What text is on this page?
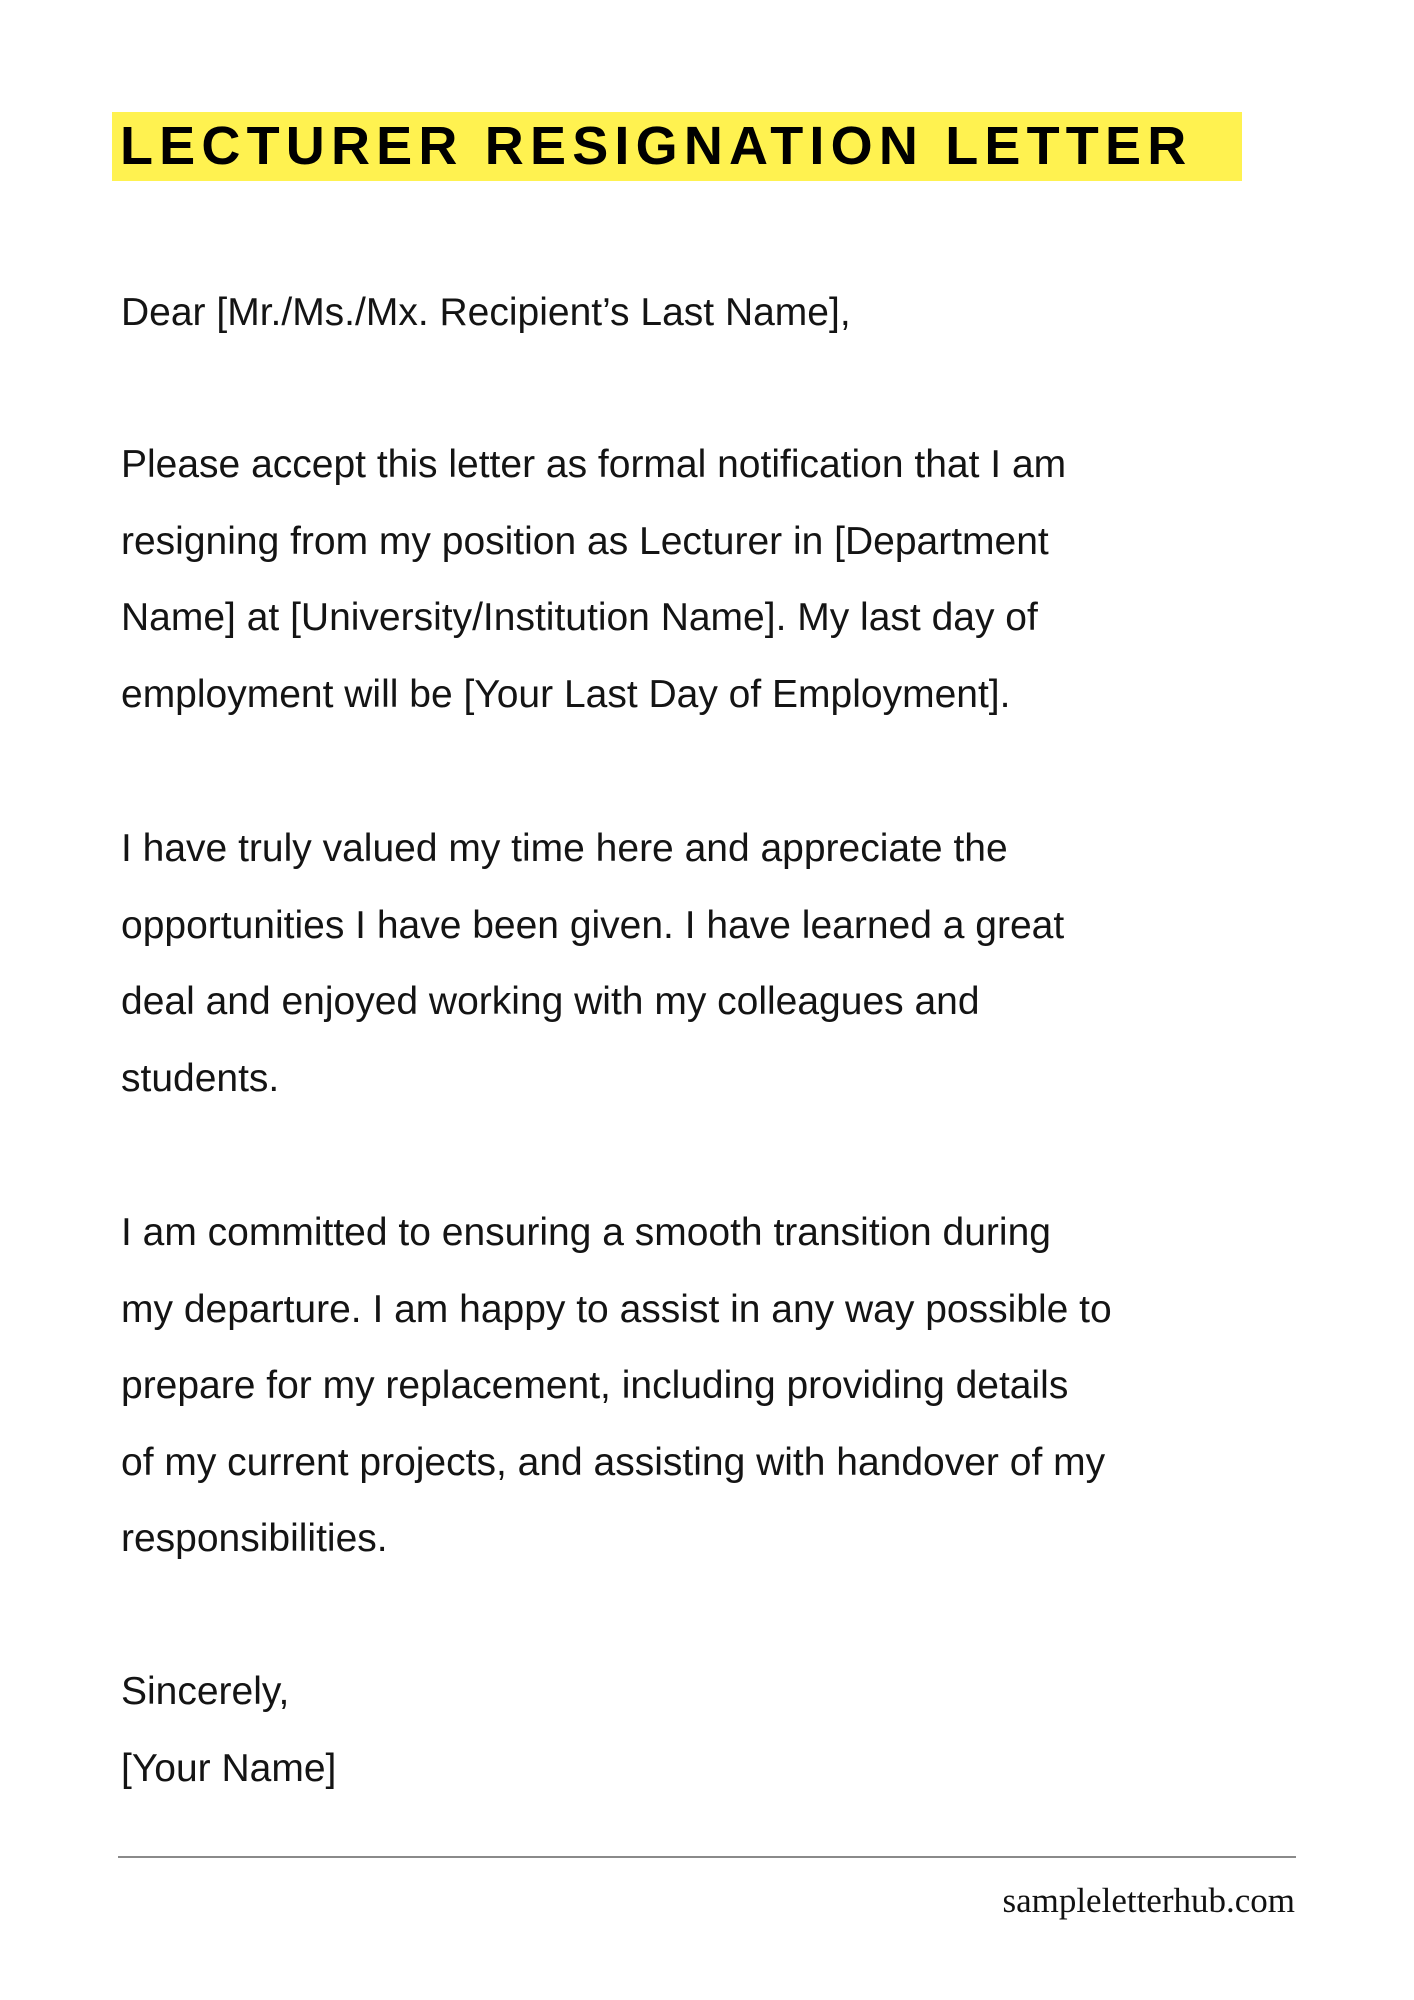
LECTURER RESIGNATION LETTER
Dear [Mr./Ms./Mx. Recipient’s Last Name],
Please accept this letter as formal notification that I am
resigning from my position as Lecturer in [Department
Name] at [University/Institution Name]. My last day of
employment will be [Your Last Day of Employment].
I have truly valued my time here and appreciate the
opportunities I have been given. I have learned a great
deal and enjoyed working with my colleagues and
students.
I am committed to ensuring a smooth transition during
my departure. I am happy to assist in any way possible to
prepare for my replacement, including providing details
of my current projects, and assisting with handover of my
responsibilities.
Sincerely,
[Your Name]
sampleletterhub.com
